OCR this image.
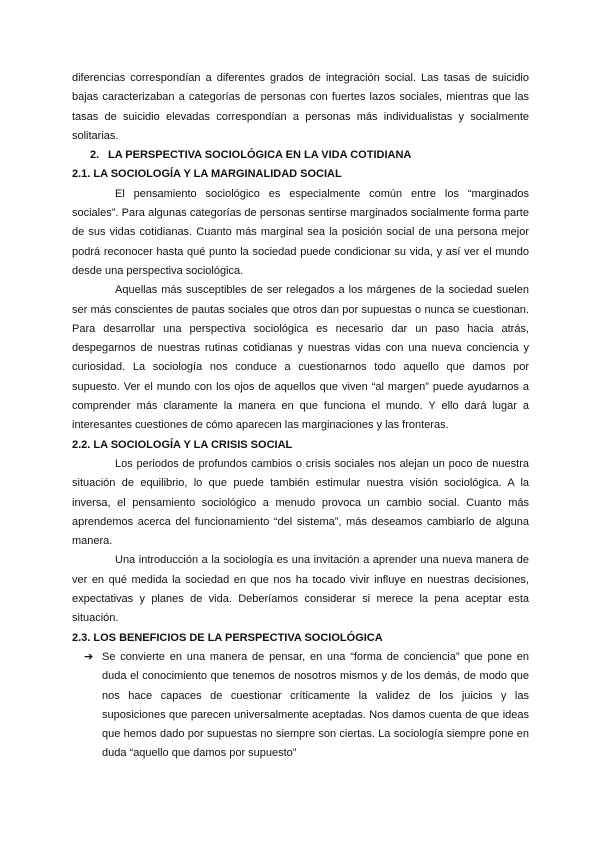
diferencias correspondían a diferentes grados de integración social. Las tasas de suicidio bajas caracterizaban a categorías de personas con fuertes lazos sociales, mientras que las tasas de suicidio elevadas correspondían a personas más individualistas y socialmente solitarias.

2. LA PERSPECTIVA SOCIOLÓGICA EN LA VIDA COTIDIANA
2.1. LA SOCIOLOGÍA Y LA MARGINALIDAD SOCIAL

El pensamiento sociológico es especialmente común entre los “marginados sociales”. Para algunas categorías de personas sentirse marginados socialmente forma parte de sus vidas cotidianas. Cuanto más marginal sea la posición social de una persona mejor podrá reconocer hasta qué punto la sociedad puede condicionar su vida, y así ver el mundo desde una perspectiva sociológica.

Aquellas más susceptibles de ser relegados a los márgenes de la sociedad suelen ser más conscientes de pautas sociales que otros dan por supuestas o nunca se cuestionan. Para desarrollar una perspectiva sociológica es necesario dar un paso hacia atrás, despegarnos de nuestras rutinas cotidianas y nuestras vidas con una nueva conciencia y curiosidad. La sociología nos conduce a cuestionarnos todo aquello que damos por supuesto. Ver el mundo con los ojos de aquellos que viven “al margen” puede ayudarnos a comprender más claramente la manera en que funciona el mundo. Y ello dará lugar a interesantes cuestiones de cómo aparecen las marginaciones y las fronteras.

2.2. LA SOCIOLOGÍA Y LA CRISIS SOCIAL

Los periodos de profundos cambios o crisis sociales nos alejan un poco de nuestra situación de equilibrio, lo que puede también estimular nuestra visión sociológica. A la inversa, el pensamiento sociológico a menudo provoca un cambio social. Cuanto más aprendemos acerca del funcionamiento “del sistema”, más deseamos cambiarlo de alguna manera.

Una introducción a la sociología es una invitación a aprender una nueva manera de ver en qué medida la sociedad en que nos ha tocado vivir influye en nuestras decisiones, expectativas y planes de vida. Deberíamos considerar si merece la pena aceptar esta situación.

2.3. LOS BENEFICIOS DE LA PERSPECTIVA SOCIOLÓGICA
➔ Se convierte en una manera de pensar, en una “forma de conciencia” que pone en duda el conocimiento que tenemos de nosotros mismos y de los demás, de modo que nos hace capaces de cuestionar críticamente la validez de los juicios y las suposiciones que parecen universalmente aceptadas. Nos damos cuenta de que ideas que hemos dado por supuestas no siempre son ciertas. La sociología siempre pone en duda “aquello que damos por supuesto”
